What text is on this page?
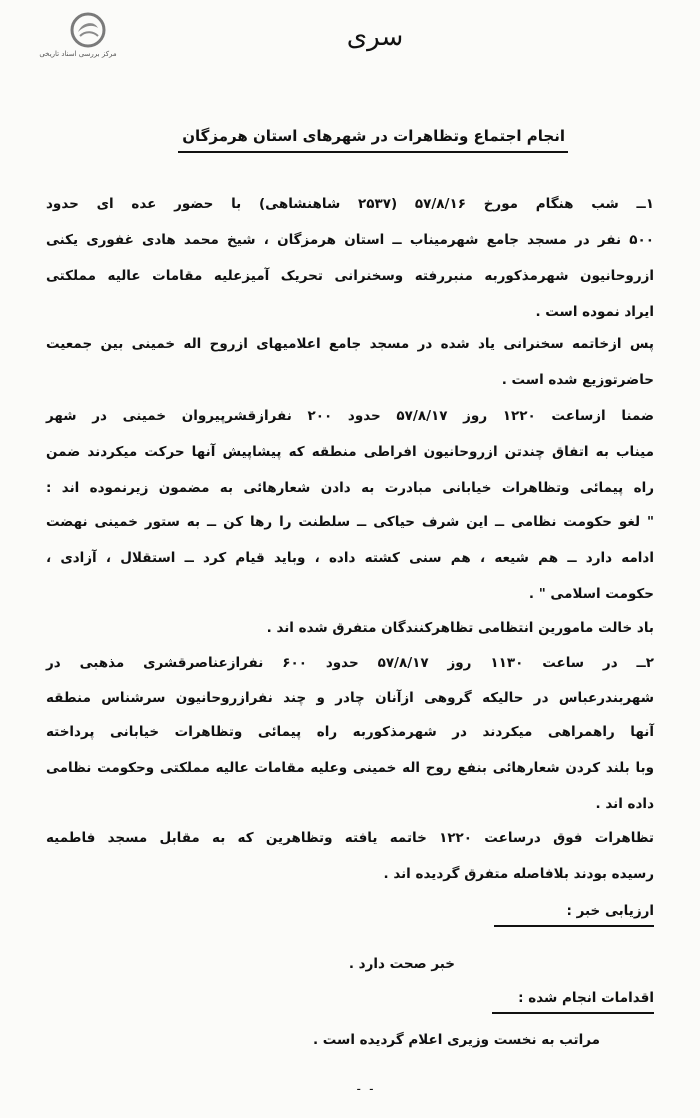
مرکز بررسی اسناد تاریخی
سری
انجام اجتماع وتظاهرات در شهرهای استان هرمزگان
۱ــ شب هنگام مورخ ۵۷/۸/۱۶ (۲۵۳۷ شاهنشاهی) با حضور عده ای حدود
۵۰۰ نفر در مسجد جامع شهرمیناب ــ استان هرمزگان ، شیخ محمد هادی غفوری یکنی
ازروحانیون شهرمذکوربه منبررفته وسخنرانی تحریک آمیزعلیه مقامات عالیه مملکتی
ایراد نموده است .
پس ازخاتمه سخنرانی یاد شده در مسجد جامع اعلامیهای ازروح اله خمینی بین جمعیت
حاضرتوزیع شده است .
ضمنا ازساعت ۱۲۲۰ روز ۵۷/۸/۱۷ حدود ۲۰۰ نفرازقشرپیروان خمینی در شهر
میناب به اتفاق چندتن ازروحانیون افراطی منطقه که پیشاپیش آنها حرکت میکردند ضمن
راه پیمائی وتظاهرات خیابانی مبادرت به دادن شعارهائی به مضمون زیرنموده اند :
" لغو حکومت نظامی ــ این شرف حیاکی ــ سلطنت را رها کن ــ به ستور خمینی نهضت
ادامه دارد ــ هم شیعه ، هم سنی کشته داده ، وباید قیام کرد ــ استقلال ، آزادی ،
حکومت اسلامی " .
باد خالت مامورین انتظامی تظاهرکنندگان متفرق شده اند .
۲ــ در ساعت ۱۱۳۰ روز ۵۷/۸/۱۷ حدود ۶۰۰ نفرازعناصرقشری مذهبی در
شهربندرعباس در حالیکه گروهی ازآنان چادر و چند نفرازروحانیون سرشناس منطقه
آنها راهمراهی میکردند در شهرمذکوربه راه پیمائی وتظاهرات خیابانی پرداخته
وبا بلند کردن شعارهائی بنفع روح اله خمینی وعلیه مقامات عالیه مملکتی وحکومت نظامی
داده اند .
تظاهرات فوق درساعت ۱۲۲۰ خاتمه یافته وتظاهرین که به مقابل مسجد فاطمیه
رسیده بودند بلافاصله متفرق گردیده اند .
ارزیابی خبر :
خبر صحت دارد .
اقدامات انجام شده :
مراتب به نخست وزیری اعلام گردیده است .
۔ ۔
